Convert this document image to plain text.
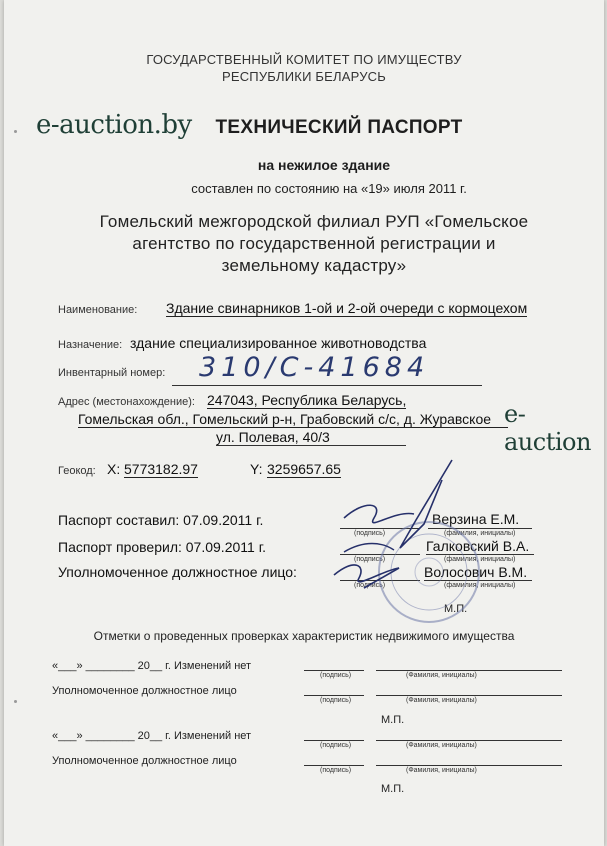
ГОСУДАРСТВЕННЫЙ КОМИТЕТ ПО ИМУЩЕСТВУ
РЕСПУБЛИКИ БЕЛАРУСЬ
ТЕХНИЧЕСКИЙ ПАСПОРТ
e-auction.by
на нежилое здание
составлен по состоянию на «19» июля 2011 г.
Гомельский межгородской филиал РУП «Гомельское
агентство по государственной регистрации и
земельному кадастру»
Наименование: Здание свинарников 1-ой и 2-ой очереди с кормоцехом
Назначение: здание специализированное животноводства
Инвентарный номер: 310/С-41684
Адрес (местонахождение): 247043, Республика Беларусь,
Гомельская обл., Гомельский р-н, Грабовский с/с, д. Журавское
ул. Полевая, 40/3
e-auction
Геокод: X: 5773182.97	Y: 3259657.65
Паспорт составил: 07.09.2011 г.
(подпись)
Верзина Е.М.
(фамилия, инициалы)
Паспорт проверил: 07.09.2011 г.
(подпись)
Галковский В.А.
(фамилия, инициалы)
Уполномоченное должностное лицо:
(подпись)
Волосович В.М.
(фамилия, инициалы)
М.П.
Отметки о проведенных проверках характеристик недвижимого имущества
«___» ________ 20__ г. Изменений нет
(подпись)	(Фамилия, инициалы)
Уполномоченное должностное лицо
(подпись)	(Фамилия, инициалы)
М.П.
«___» ________ 20__ г. Изменений нет
(подпись)	(Фамилия, инициалы)
Уполномоченное должностное лицо
(подпись)	(Фамилия, инициалы)
М.П.
